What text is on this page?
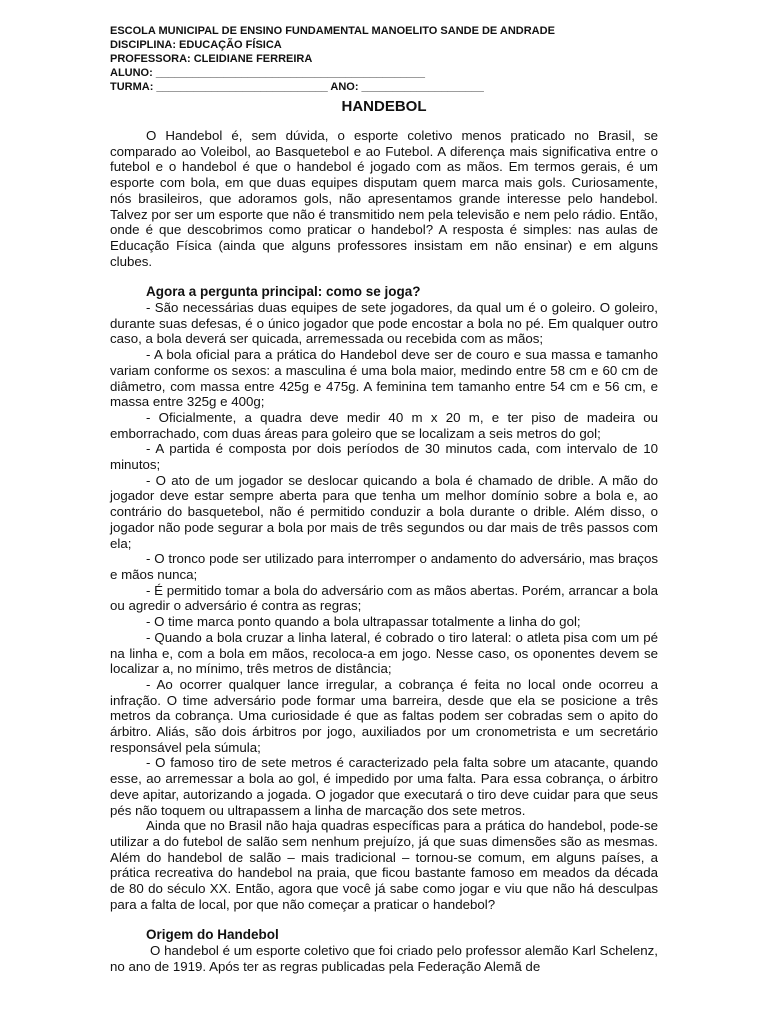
ESCOLA MUNICIPAL DE ENSINO FUNDAMENTAL MANOELITO SANDE DE ANDRADE
DISCIPLINA: EDUCAÇÃO FÍSICA
PROFESSORA: CLEIDIANE FERREIRA
ALUNO: ____________________________________________
TURMA: ____________________________ ANO: ____________________
HANDEBOL

O Handebol é, sem dúvida, o esporte coletivo menos praticado no Brasil, se comparado ao Voleibol, ao Basquetebol e ao Futebol. A diferença mais significativa entre o futebol e o handebol é que o handebol é jogado com as mãos. Em termos gerais, é um esporte com bola, em que duas equipes disputam quem marca mais gols. Curiosamente, nós brasileiros, que adoramos gols, não apresentamos grande interesse pelo handebol. Talvez por ser um esporte que não é transmitido nem pela televisão e nem pelo rádio. Então, onde é que descobrimos como praticar o handebol? A resposta é simples: nas aulas de Educação Física (ainda que alguns professores insistam em não ensinar) e em alguns clubes.

Agora a pergunta principal: como se joga?

- São necessárias duas equipes de sete jogadores, da qual um é o goleiro. O goleiro, durante suas defesas, é o único jogador que pode encostar a bola no pé. Em qualquer outro caso, a bola deverá ser quicada, arremessada ou recebida com as mãos;

- A bola oficial para a prática do Handebol deve ser de couro e sua massa e tamanho variam conforme os sexos: a masculina é uma bola maior, medindo entre 58 cm e 60 cm de diâmetro, com massa entre 425g e 475g. A feminina tem tamanho entre 54 cm e 56 cm, e massa entre 325g e 400g;

- Oficialmente, a quadra deve medir 40 m x 20 m, e ter piso de madeira ou emborrachado, com duas áreas para goleiro que se localizam a seis metros do gol;

- A partida é composta por dois períodos de 30 minutos cada, com intervalo de 10 minutos;

- O ato de um jogador se deslocar quicando a bola é chamado de drible. A mão do jogador deve estar sempre aberta para que tenha um melhor domínio sobre a bola e, ao contrário do basquetebol, não é permitido conduzir a bola durante o drible. Além disso, o jogador não pode segurar a bola por mais de três segundos ou dar mais de três passos com ela;

- O tronco pode ser utilizado para interromper o andamento do adversário, mas braços e mãos nunca;

- É permitido tomar a bola do adversário com as mãos abertas. Porém, arrancar a bola ou agredir o adversário é contra as regras;

- O time marca ponto quando a bola ultrapassar totalmente a linha do gol;

- Quando a bola cruzar a linha lateral, é cobrado o tiro lateral: o atleta pisa com um pé na linha e, com a bola em mãos, recoloca-a em jogo. Nesse caso, os oponentes devem se localizar a, no mínimo, três metros de distância;

- Ao ocorrer qualquer lance irregular, a cobrança é feita no local onde ocorreu a infração. O time adversário pode formar uma barreira, desde que ela se posicione a três metros da cobrança. Uma curiosidade é que as faltas podem ser cobradas sem o apito do árbitro. Aliás, são dois árbitros por jogo, auxiliados por um cronometrista e um secretário responsável pela súmula;

- O famoso tiro de sete metros é caracterizado pela falta sobre um atacante, quando esse, ao arremessar a bola ao gol, é impedido por uma falta. Para essa cobrança, o árbitro deve apitar, autorizando a jogada. O jogador que executará o tiro deve cuidar para que seus pés não toquem ou ultrapassem a linha de marcação dos sete metros.

Ainda que no Brasil não haja quadras específicas para a prática do handebol, pode-se utilizar a do futebol de salão sem nenhum prejuízo, já que suas dimensões são as mesmas. Além do handebol de salão – mais tradicional – tornou-se comum, em alguns países, a prática recreativa do handebol na praia, que ficou bastante famoso em meados da década de 80 do século XX. Então, agora que você já sabe como jogar e viu que não há desculpas para a falta de local, por que não começar a praticar o handebol?

Origem do Handebol

O handebol é um esporte coletivo que foi criado pelo professor alemão Karl Schelenz, no ano de 1919. Após ter as regras publicadas pela Federação Alemã de
